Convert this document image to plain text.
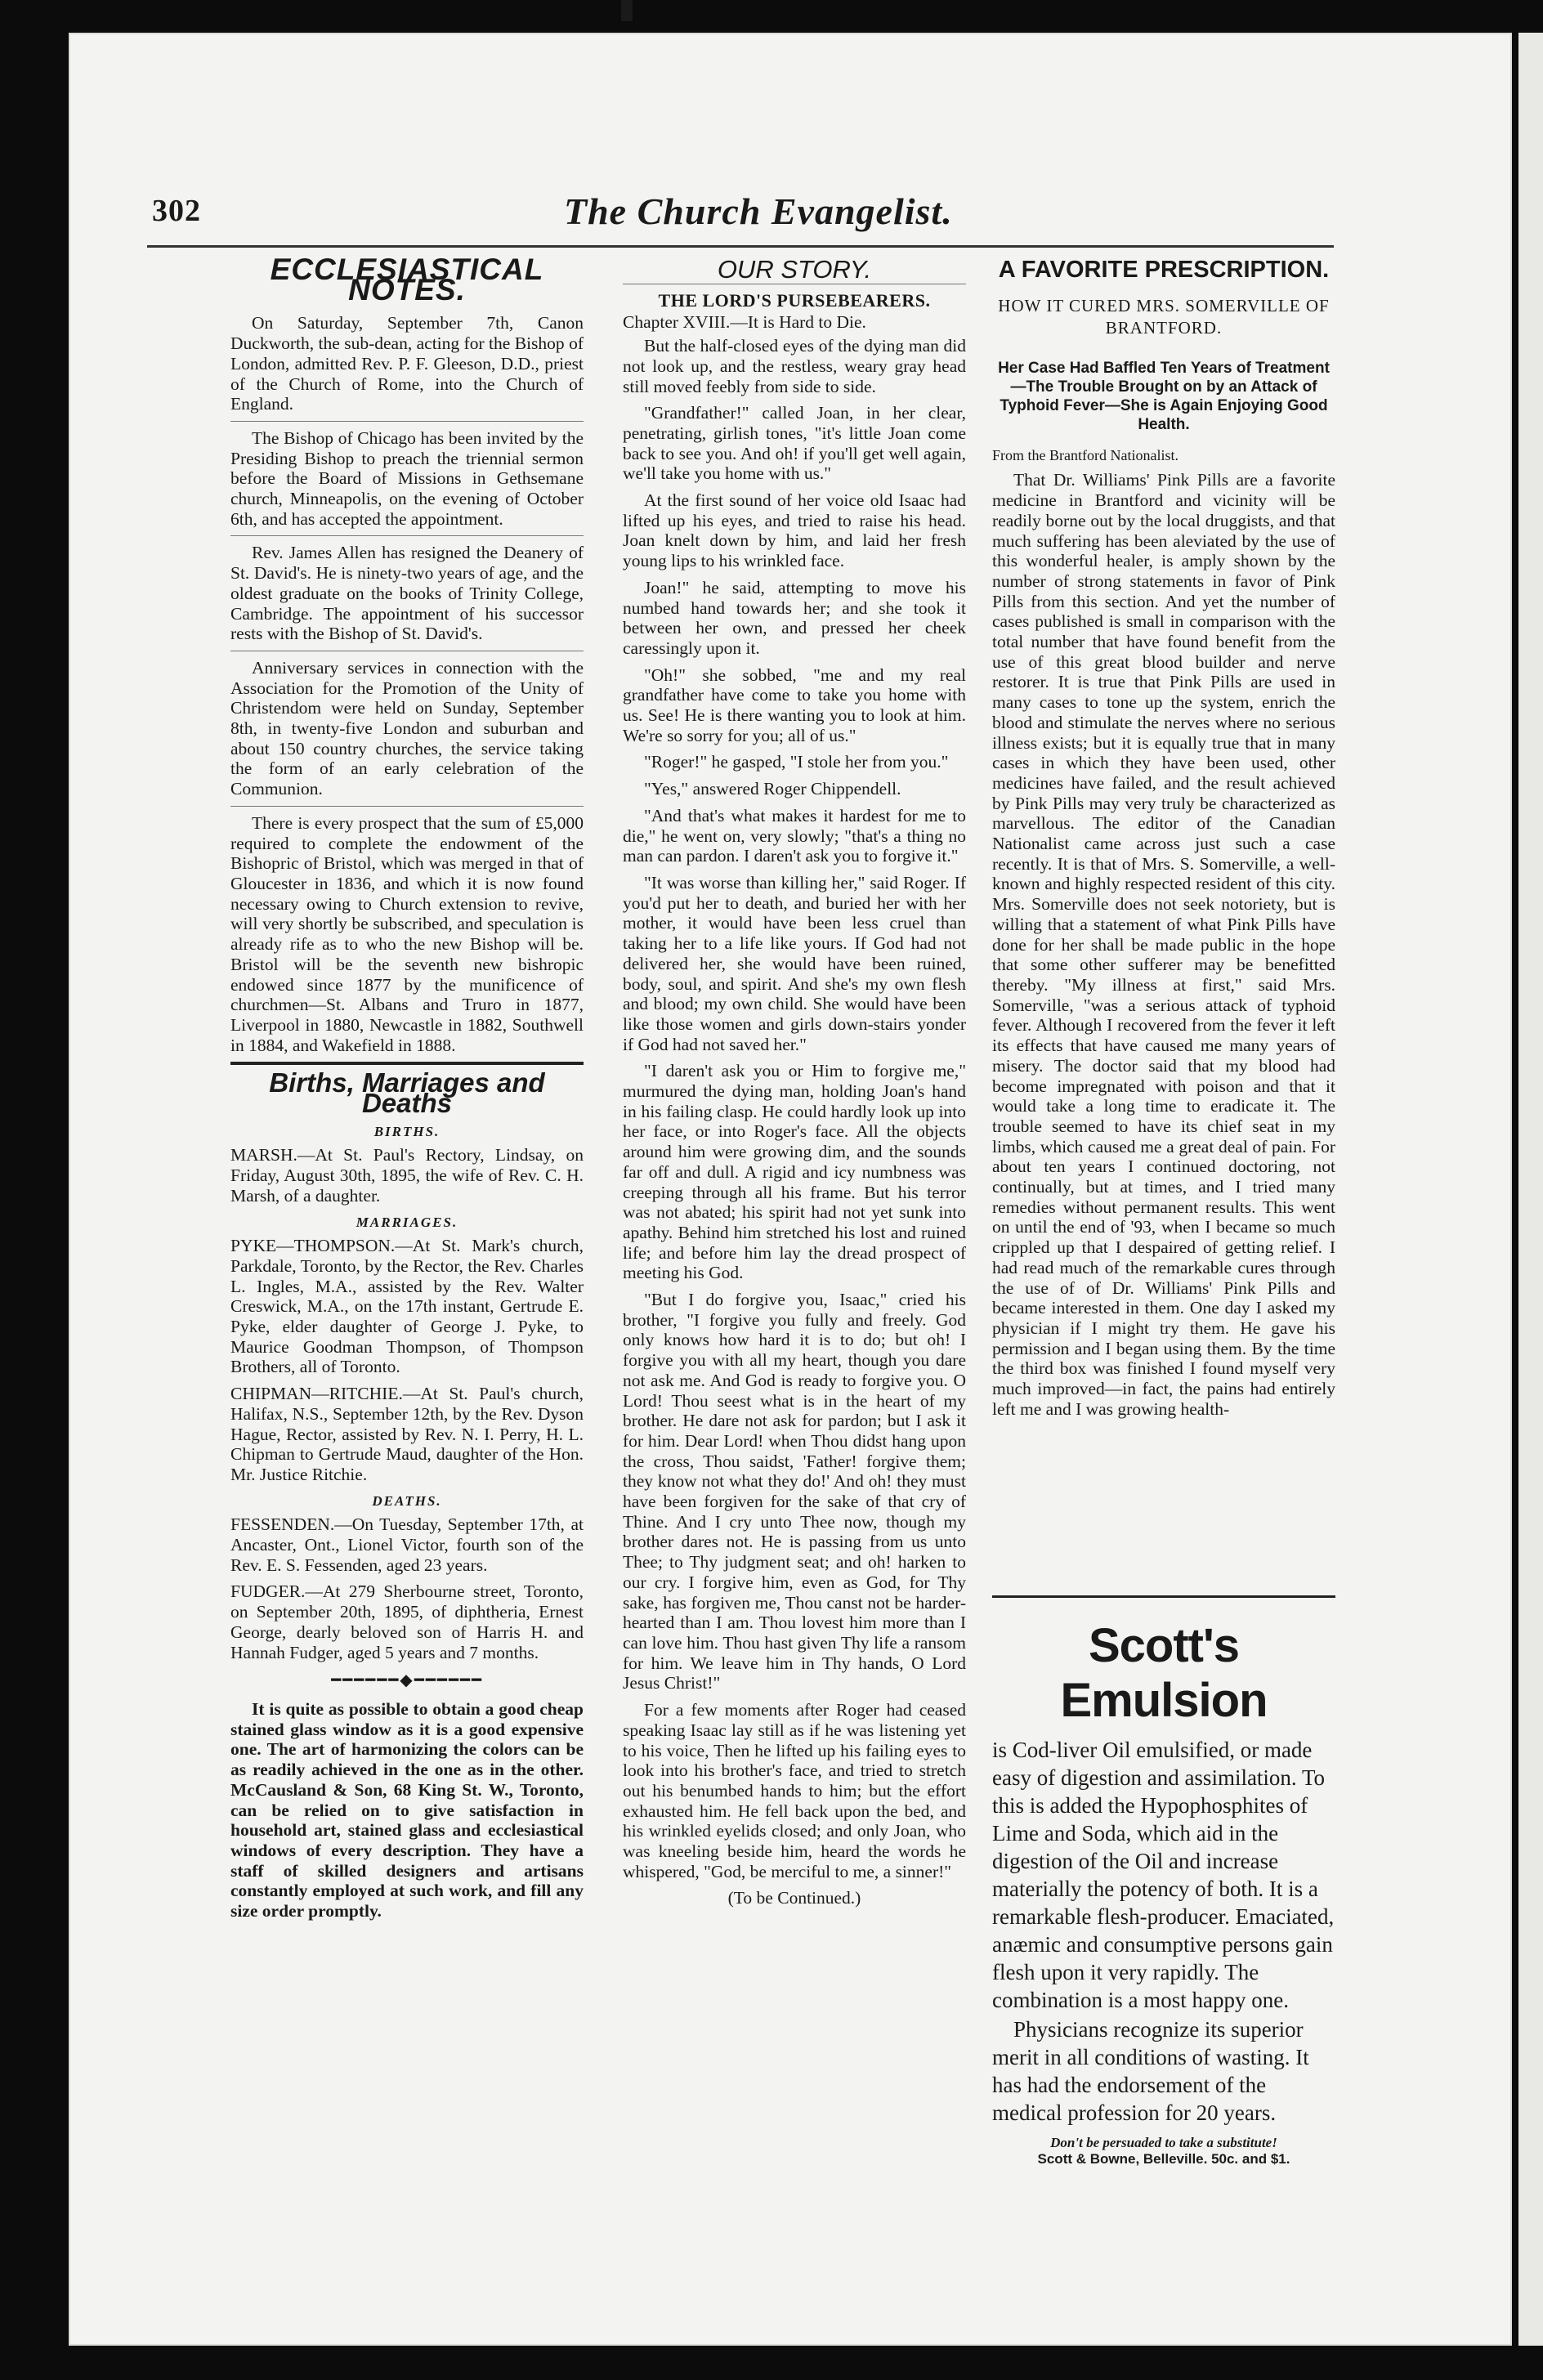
302	The Church Evangelist.
ECCLESIASTICAL NOTES.

On Saturday, September 7th, Canon Duckworth, the sub-dean, acting for the Bishop of London, admitted Rev. P. F. Gleeson, D.D., priest of the Church of Rome, into the Church of England.

The Bishop of Chicago has been invited by the Presiding Bishop to preach the triennial sermon before the Board of Missions in Gethsemane church, Minneapolis, on the evening of October 6th, and has accepted the appointment.

Rev. James Allen has resigned the Deanery of St. David's. He is ninety-two years of age, and the oldest graduate on the books of Trinity College, Cambridge. The appointment of his successor rests with the Bishop of St. David's.

Anniversary services in connection with the Association for the Promotion of the Unity of Christendom were held on Sunday, September 8th, in twenty-five London and suburban and about 150 country churches, the service taking the form of an early celebration of the Communion.

There is every prospect that the sum of £5,000 required to complete the endowment of the Bishopric of Bristol, which was merged in that of Gloucester in 1836, and which it is now found necessary owing to Church extension to revive, will very shortly be subscribed, and speculation is already rife as to who the new Bishop will be. Bristol will be the seventh new bishropic endowed since 1877 by the munificence of churchmen—St. Albans and Truro in 1877, Liverpool in 1880, Newcastle in 1882, Southwell in 1884, and Wakefield in 1888.

Births, Marriages and Deaths
BIRTHS.

MARSH.—At St. Paul's Rectory, Lindsay, on Friday, August 30th, 1895, the wife of Rev. C. H. Marsh, of a daughter.

MARRIAGES.

PYKE—THOMPSON.—At St. Mark's church, Parkdale, Toronto, by the Rector, the Rev. Charles L. Ingles, M.A., assisted by the Rev. Walter Creswick, M.A., on the 17th instant, Gertrude E. Pyke, elder daughter of George J. Pyke, to Maurice Goodman Thompson, of Thompson Brothers, all of Toronto.

CHIPMAN—RITCHIE.—At St. Paul's church, Halifax, N.S., September 12th, by the Rev. Dyson Hague, Rector, assisted by Rev. N. I. Perry, H. L. Chipman to Gertrude Maud, daughter of the Hon. Mr. Justice Ritchie.

DEATHS.

FESSENDEN.—On Tuesday, September 17th, at Ancaster, Ont., Lionel Victor, fourth son of the Rev. E. S. Fessenden, aged 23 years.

FUDGER.—At 279 Sherbourne street, Toronto, on September 20th, 1895, of diphtheria, Ernest George, dearly beloved son of Harris H. and Hannah Fudger, aged 5 years and 7 months.

━━━━━━◆━━━━━━

It is quite as possible to obtain a good cheap stained glass window as it is a good expensive one. The art of harmonizing the colors can be as readily achieved in the one as in the other. McCausland & Son, 68 King St. W., Toronto, can be relied on to give satisfaction in household art, stained glass and ecclesiastical windows of every description. They have a staff of skilled designers and artisans constantly employed at such work, and fill any size order promptly.

OUR STORY.
THE LORD'S PURSEBEARERS.

Chapter XVIII.—It is Hard to Die.

But the half-closed eyes of the dying man did not look up, and the restless, weary gray head still moved feebly from side to side.

"Grandfather!" called Joan, in her clear, penetrating, girlish tones, "it's little Joan come back to see you. And oh! if you'll get well again, we'll take you home with us."

At the first sound of her voice old Isaac had lifted up his eyes, and tried to raise his head. Joan knelt down by him, and laid her fresh young lips to his wrinkled face.

Joan!" he said, attempting to move his numbed hand towards her; and she took it between her own, and pressed her cheek caressingly upon it.

"Oh!" she sobbed, "me and my real grandfather have come to take you home with us. See! He is there wanting you to look at him. We're so sorry for you; all of us."

"Roger!" he gasped, "I stole her from you."

"Yes," answered Roger Chippendell.

"And that's what makes it hardest for me to die," he went on, very slowly; "that's a thing no man can pardon. I daren't ask you to forgive it."

"It was worse than killing her," said Roger. If you'd put her to death, and buried her with her mother, it would have been less cruel than taking her to a life like yours. If God had not delivered her, she would have been ruined, body, soul, and spirit. And she's my own flesh and blood; my own child. She would have been like those women and girls down-stairs yonder if God had not saved her."

"I daren't ask you or Him to forgive me," murmured the dying man, holding Joan's hand in his failing clasp. He could hardly look up into her face, or into Roger's face. All the objects around him were growing dim, and the sounds far off and dull. A rigid and icy numbness was creeping through all his frame. But his terror was not abated; his spirit had not yet sunk into apathy. Behind him stretched his lost and ruined life; and before him lay the dread prospect of meeting his God.

"But I do forgive you, Isaac," cried his brother, "I forgive you fully and freely. God only knows how hard it is to do; but oh! I forgive you with all my heart, though you dare not ask me. And God is ready to forgive you. O Lord! Thou seest what is in the heart of my brother. He dare not ask for pardon; but I ask it for him. Dear Lord! when Thou didst hang upon the cross, Thou saidst, 'Father! forgive them; they know not what they do!' And oh! they must have been forgiven for the sake of that cry of Thine. And I cry unto Thee now, though my brother dares not. He is passing from us unto Thee; to Thy judgment seat; and oh! harken to our cry. I forgive him, even as God, for Thy sake, has forgiven me, Thou canst not be harder-hearted than I am. Thou lovest him more than I can love him. Thou hast given Thy life a ransom for him. We leave him in Thy hands, O Lord Jesus Christ!"

For a few moments after Roger had ceased speaking Isaac lay still as if he was listening yet to his voice, Then he lifted up his failing eyes to look into his brother's face, and tried to stretch out his benumbed hands to him; but the effort exhausted him. He fell back upon the bed, and his wrinkled eyelids closed; and only Joan, who was kneeling beside him, heard the words he whispered, "God, be merciful to me, a sinner!"

(To be Continued.)

A FAVORITE PRESCRIPTION.

HOW IT CURED MRS. SOMERVILLE OF BRANTFORD.

Her Case Had Baffled Ten Years of Treatment—The Trouble Brought on by an Attack of Typhoid Fever—She is Again Enjoying Good Health.

From the Brantford Nationalist.

That Dr. Williams' Pink Pills are a favorite medicine in Brantford and vicinity will be readily borne out by the local druggists, and that much suffering has been aleviated by the use of this wonderful healer, is amply shown by the number of strong statements in favor of Pink Pills from this section. And yet the number of cases published is small in comparison with the total number that have found benefit from the use of this great blood builder and nerve restorer. It is true that Pink Pills are used in many cases to tone up the system, enrich the blood and stimulate the nerves where no serious illness exists; but it is equally true that in many cases in which they have been used, other medicines have failed, and the result achieved by Pink Pills may very truly be characterized as marvellous. The editor of the Canadian Nationalist came across just such a case recently. It is that of Mrs. S. Somerville, a well-known and highly respected resident of this city. Mrs. Somerville does not seek notoriety, but is willing that a statement of what Pink Pills have done for her shall be made public in the hope that some other sufferer may be benefitted thereby. "My illness at first," said Mrs. Somerville, "was a serious attack of typhoid fever. Although I recovered from the fever it left its effects that have caused me many years of misery. The doctor said that my blood had become impregnated with poison and that it would take a long time to eradicate it. The trouble seemed to have its chief seat in my limbs, which caused me a great deal of pain. For about ten years I continued doctoring, not continually, but at times, and I tried many remedies without permanent results. This went on until the end of '93, when I became so much crippled up that I despaired of getting relief. I had read much of the remarkable cures through the use of of Dr. Williams' Pink Pills and became interested in them. One day I asked my physician if I might try them. He gave his permission and I began using them. By the time the third box was finished I found myself very much improved—in fact, the pains had entirely left me and I was growing health-

Scott's Emulsion

is Cod-liver Oil emulsified, or made easy of digestion and assimilation. To this is added the Hypophosphites of Lime and Soda, which aid in the digestion of the Oil and increase materially the potency of both. It is a remarkable flesh-producer. Emaciated, anæmic and consumptive persons gain flesh upon it very rapidly. The combination is a most happy one.

Physicians recognize its superior merit in all conditions of wasting. It has had the endorsement of the medical profession for 20 years.

Don't be persuaded to take a substitute!
Scott & Bowne, Belleville. 50c. and $1.
